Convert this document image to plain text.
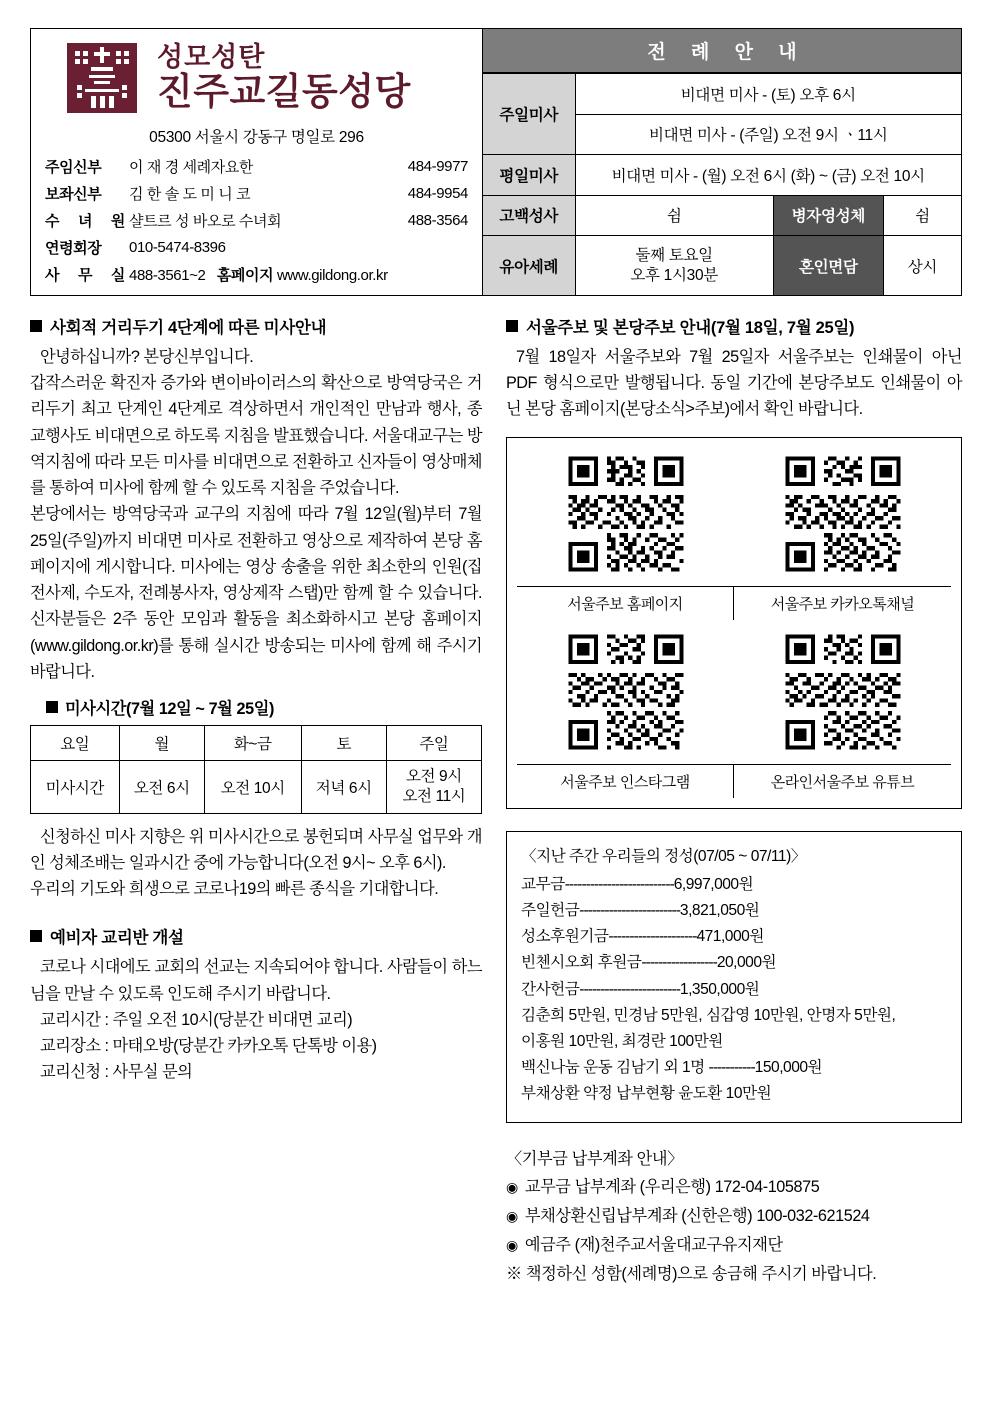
성모성탄
진주교길동성당
05300 서울시 강동구 명일로 296
주임신부	이 재 경 세례자요한	484-9977
보좌신부	김 한 솔 도 미 니 코	484-9954
수 녀 원	샬트르 성 바오로 수녀회	488-3564
연령회장	010-5474-8396	
사 무 실	488-3561~2 홈페이지 www.gildong.or.kr	
전 례 안 내
주일미사	비대면 미사 - (토) 오후 6시		
	비대면 미사 - (주일) 오전 9시 ㆍ11시		
평일미사	비대면 미사 - (월) 오전 6시 (화) ~ (금) 오전 10시		
고백성사	쉼	병자영성체	쉼
유아세례	둘째 토요일
오후 1시30분	혼인면담	상시
사회적 거리두기 4단계에 따른 미사안내

안녕하십니까? 본당신부입니다.

갑작스러운 확진자 증가와 변이바이러스의 확산으로 방역당국은 거리두기 최고 단계인 4단계로 격상하면서 개인적인 만남과 행사, 종교행사도 비대면으로 하도록 지침을 발표했습니다. 서울대교구는 방역지침에 따라 모든 미사를 비대면으로 전환하고 신자들이 영상매체를 통하여 미사에 함께 할 수 있도록 지침을 주었습니다.

본당에서는 방역당국과 교구의 지침에 따라 7월 12일(월)부터 7월 25일(주일)까지 비대면 미사로 전환하고 영상으로 제작하여 본당 홈페이지에 게시합니다. 미사에는 영상 송출을 위한 최소한의 인원(집전사제, 수도자, 전례봉사자, 영상제작 스탭)만 함께 할 수 있습니다. 신자분들은 2주 동안 모임과 활동을 최소화하시고 본당 홈페이지(www.gildong.or.kr)를 통해 실시간 방송되는 미사에 함께 해 주시기 바랍니다.

미사시간(7월 12일 ~ 7월 25일)
요일	월	화~금	토	주일
미사시간	오전 6시	오전 10시	저녁 6시	오전 9시
오전 11시

신청하신 미사 지향은 위 미사시간으로 봉헌되며 사무실 업무와 개인 성체조배는 일과시간 중에 가능합니다(오전 9시~ 오후 6시).

우리의 기도와 희생으로 코로나19의 빠른 종식을 기대합니다.

예비자 교리반 개설

코로나 시대에도 교회의 선교는 지속되어야 합니다. 사람들이 하느님을 만날 수 있도록 인도해 주시기 바랍니다.

교리시간 : 주일 오전 10시(당분간 비대면 교리)
교리장소 : 마태오방(당분간 카카오톡 단톡방 이용)
교리신청 : 사무실 문의
서울주보 및 본당주보 안내(7월 18일, 7월 25일)

7월 18일자 서울주보와 7월 25일자 서울주보는 인쇄물이 아닌 PDF 형식으로만 발행됩니다. 동일 기간에 본당주보도 인쇄물이 아닌 본당 홈페이지(본당소식>주보)에서 확인 바랍니다.

서울주보 홈페이지	서울주보 카카오톡채널
서울주보 인스타그램	온라인서울주보 유튜브
〈지난 주간 우리들의 정성(07/05 ~ 07/11)〉
교무금--------------------------6,997,000원
주일헌금------------------------3,821,050원
성소후원기금---------------------471,000원
빈첸시오회 후원금------------------20,000원
간사헌금------------------------1,350,000원
김춘희 5만원, 민경남 5만원, 심갑영 10만원, 안명자 5만원,
이홍원 10만원, 최경란 100만원
백신나눔 운동 김남기 외 1명 -----------150,000원
부채상환 약정 납부현황 윤도환 10만원
〈기부금 납부계좌 안내〉
◉ 교무금 납부계좌 (우리은행) 172-04-105875
◉ 부채상환신립납부계좌 (신한은행) 100-032-621524
◉ 예금주 (재)천주교서울대교구유지재단
※ 책정하신 성함(세례명)으로 송금해 주시기 바랍니다.
